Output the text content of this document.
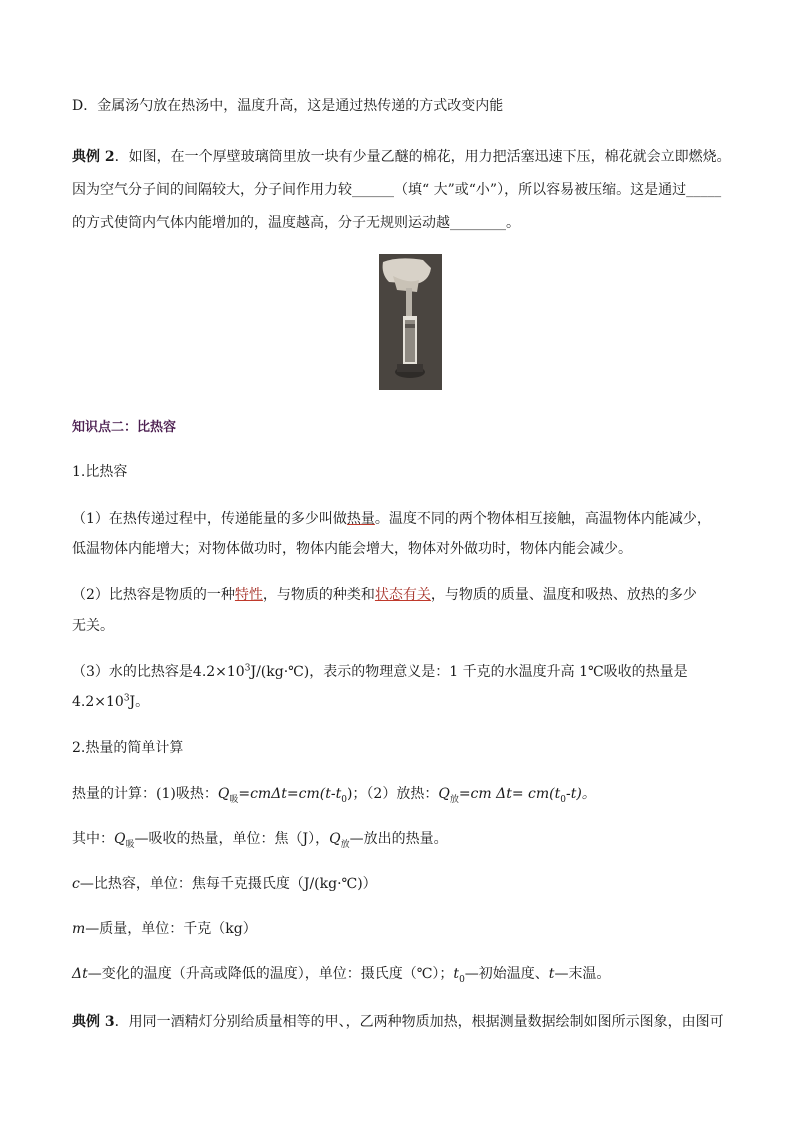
D．金属汤勺放在热汤中，温度升高，这是通过热传递的方式改变内能
典例 2．如图，在一个厚壁玻璃筒里放一块有少量乙醚的棉花，用力把活塞迅速下压，棉花就会立即燃烧。
因为空气分子间的间隔较大，分子间作用力较______（填“ 大”或“小”），所以容易被压缩。这是通过_____
的方式使筒内气体内能增加的，温度越高，分子无规则运动越________。
知识点二：比热容
1.比热容
（1）在热传递过程中，传递能量的多少叫做热量。温度不同的两个物体相互接触，高温物体内能减少，
低温物体内能增大；对物体做功时，物体内能会增大，物体对外做功时，物体内能会减少。
（2）比热容是物质的一种特性，与物质的种类和状态有关，与物质的质量、温度和吸热、放热的多少
无关。
（3）水的比热容是$4.2\times 10^3J/(kg\cdot℃)$，表示的物理意义是：1 千克的水温度升高 1℃吸收的热量是
$4.2\times 10^3J$。
2.热量的简单计算
热量的计算：(1)吸热：$Q_吸=cm\Delta t=cm(t-t_0)$；（2）放热：$Q_放=cm$ $\Delta t= cm(t_0-t)$。
其中：$Q_吸—$吸收的热量，单位：焦（J），$Q_放—$放出的热量。
c—比热容，单位：焦每千克摄氏度（J/(kg·℃)）
m—质量，单位：千克（kg）
Δt—变化的温度（升高或降低的温度），单位：摄氏度（℃）；$t_0—$初始温度、t—末温。
典例 3．用同一酒精灯分别给质量相等的甲、，乙两种物质加热，根据测量数据绘制如图所示图象，由图可
